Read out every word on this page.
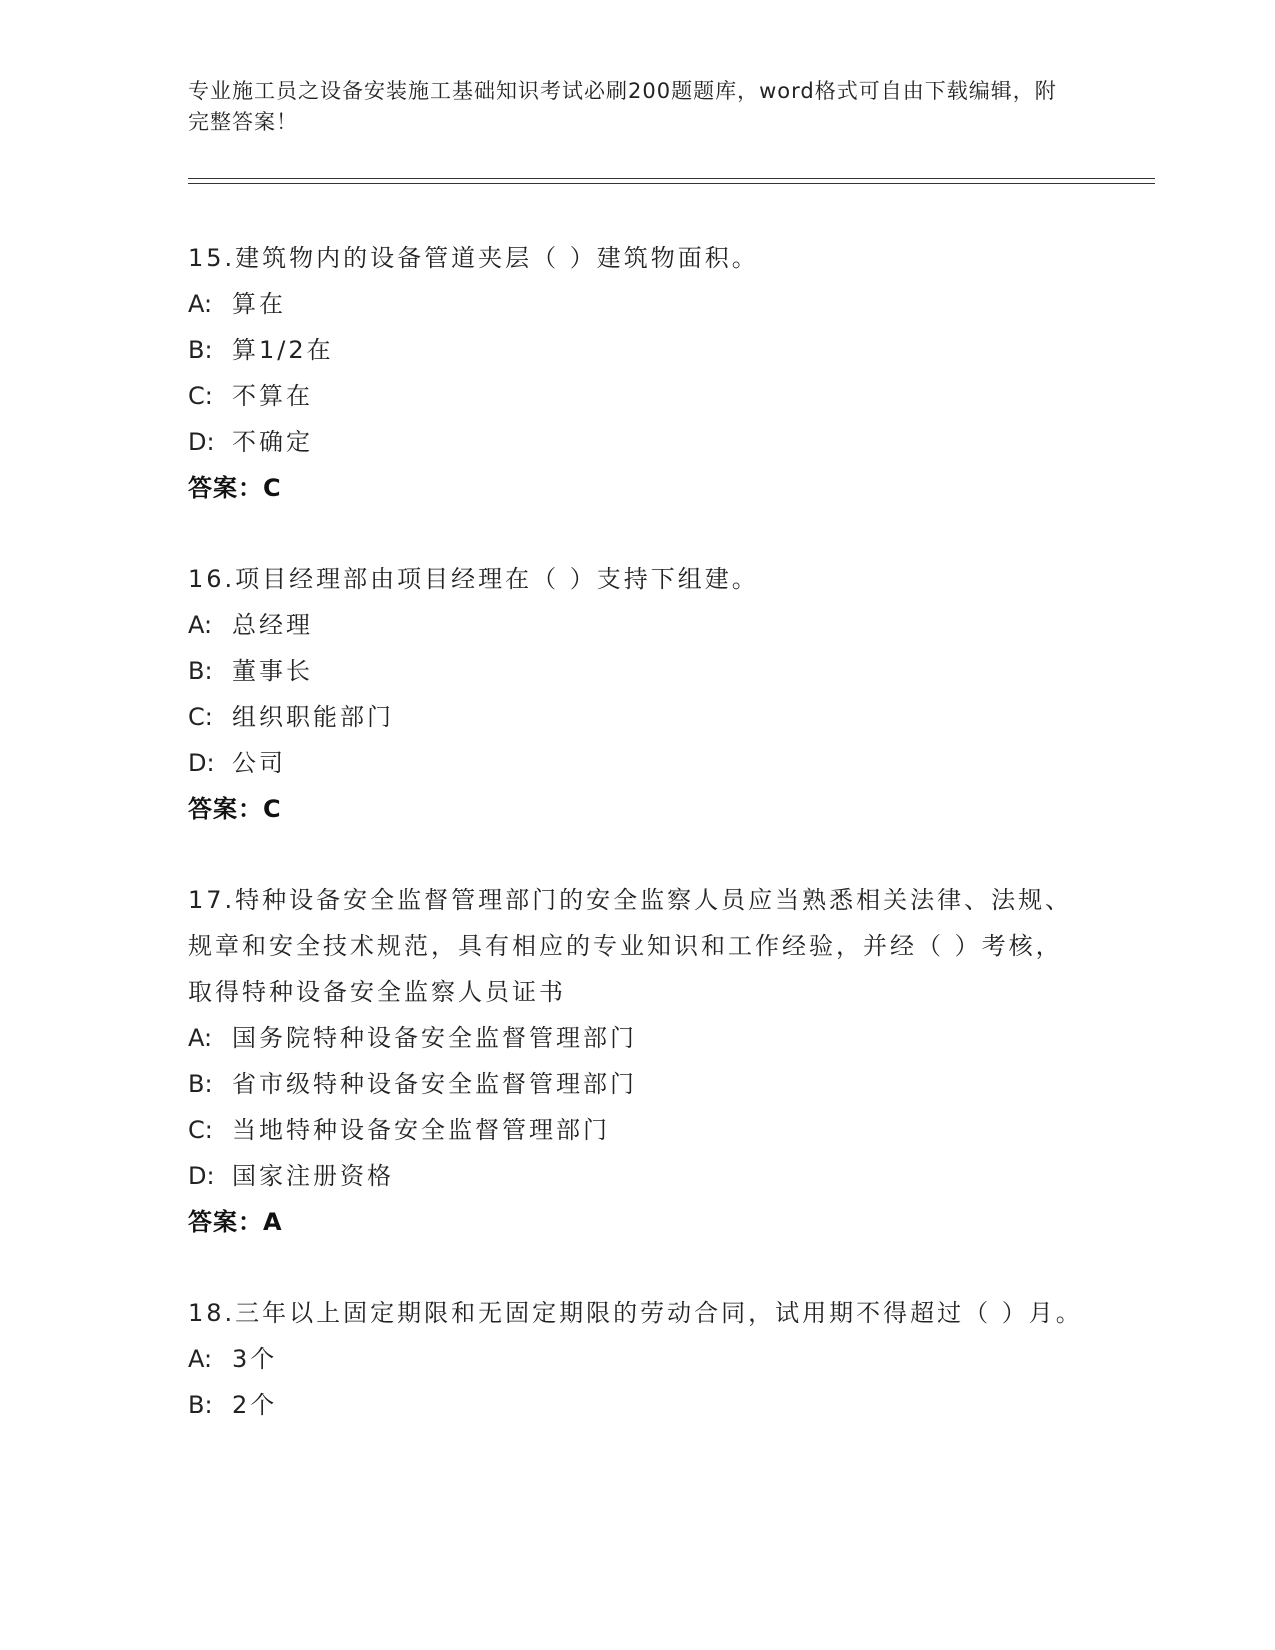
专业施工员之设备安装施工基础知识考试必刷200题题库，word格式可自由下载编辑，附完整答案！
15.建筑物内的设备管道夹层（ ）建筑物面积。
A: 算在
B: 算1/2在
C: 不算在
D: 不确定
答案：C
16.项目经理部由项目经理在（ ）支持下组建。
A: 总经理
B: 董事长
C: 组织职能部门
D: 公司
答案：C
17.特种设备安全监督管理部门的安全监察人员应当熟悉相关法律、法规、规章和安全技术规范，具有相应的专业知识和工作经验，并经（ ）考核，取得特种设备安全监察人员证书
A: 国务院特种设备安全监督管理部门
B: 省市级特种设备安全监督管理部门
C: 当地特种设备安全监督管理部门
D: 国家注册资格
答案：A
18.三年以上固定期限和无固定期限的劳动合同，试用期不得超过（ ）月。
A: 3个
B: 2个
